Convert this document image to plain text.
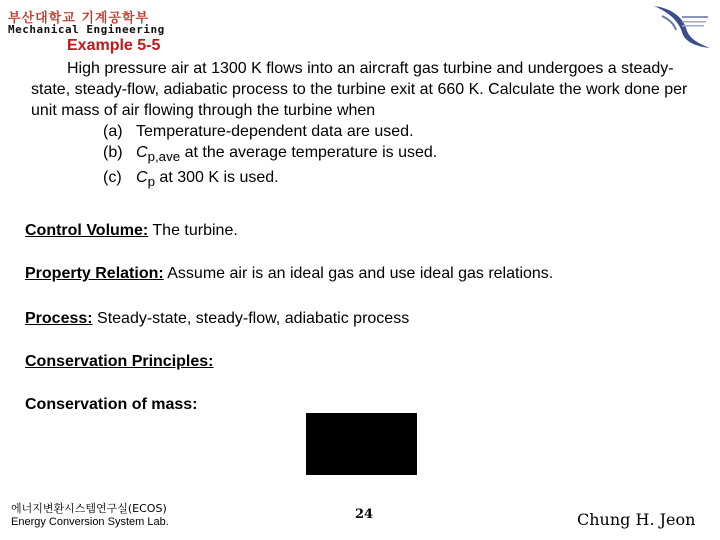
부산대학교 기계공학부
Mechanical Engineering
Example 5-5

High pressure air at 1300 K flows into an aircraft gas turbine and undergoes a steady-state, steady-flow, adiabatic process to the turbine exit at 660 K. Calculate the work done per unit mass of air flowing through the turbine when

(a) Temperature-dependent data are used.
(b) $C_{p,ave}$ at the average temperature is used.
(c) $C_p$ at 300 K is used.
Control Volume: The turbine.
Property Relation: Assume air is an ideal gas and use ideal gas relations.
Process: Steady-state, steady-flow, adiabatic process
Conservation Principles:
Conservation of mass:
에너지변환시스템연구실(ECOS)
Energy Conversion System Lab.	24	Chung H. Jeon
